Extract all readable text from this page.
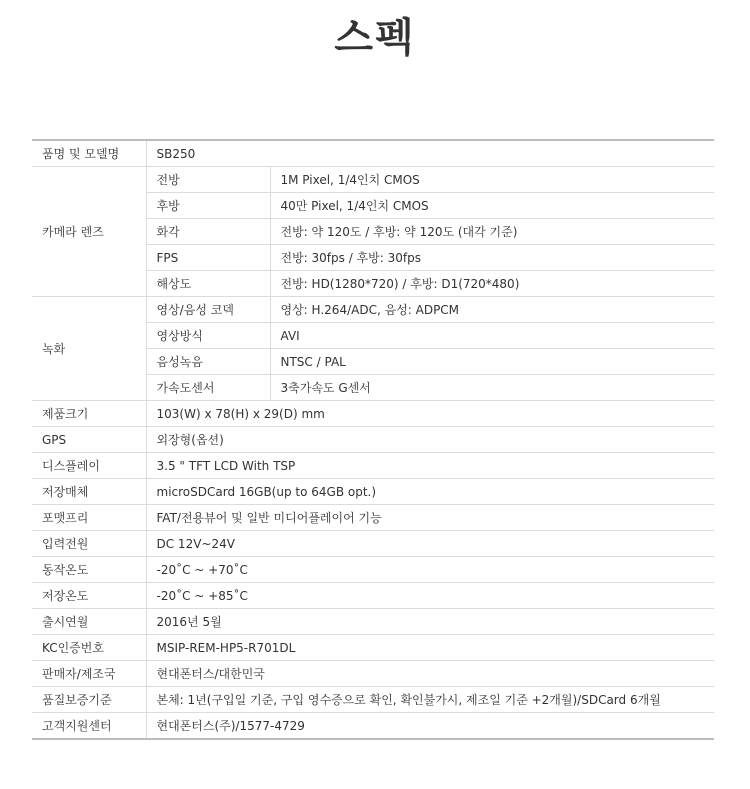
스펙
품명 및 모델명	SB250	
카메라 렌즈	전방	1M Pixel, 1/4인치 CMOS
	후방	40만 Pixel, 1/4인치 CMOS
	화각	전방: 약 120도 / 후방: 약 120도 (대각 기준)
	FPS	전방: 30fps / 후방: 30fps
	해상도	전방: HD(1280*720) / 후방: D1(720*480)
녹화	영상/음성 코덱	영상: H.264/ADC, 음성: ADPCM
	영상방식	AVI
	음성녹음	NTSC / PAL
	가속도센서	3축가속도 G센서
제품크기	103(W) x 78(H) x 29(D) mm	
GPS	외장형(옵션)	
디스플레이	3.5 " TFT LCD With TSP	
저장매체	microSDCard 16GB(up to 64GB opt.)	
포맷프리	FAT/전용뷰어 및 일반 미디어플레이어 기능	
입력전원	DC 12V~24V	
동작온도	-20˚C ~ +70˚C	
저장온도	-20˚C ~ +85˚C	
출시연월	2016년 5월	
KC인증번호	MSIP-REM-HP5-R701DL	
판매자/제조국	현대폰터스/대한민국	
품질보증기준	본체: 1년(구입일 기준, 구입 영수증으로 확인, 확인불가시, 제조일 기준 +2개월)/SDCard 6개월	
고객지원센터	현대폰터스(주)/1577-4729	
